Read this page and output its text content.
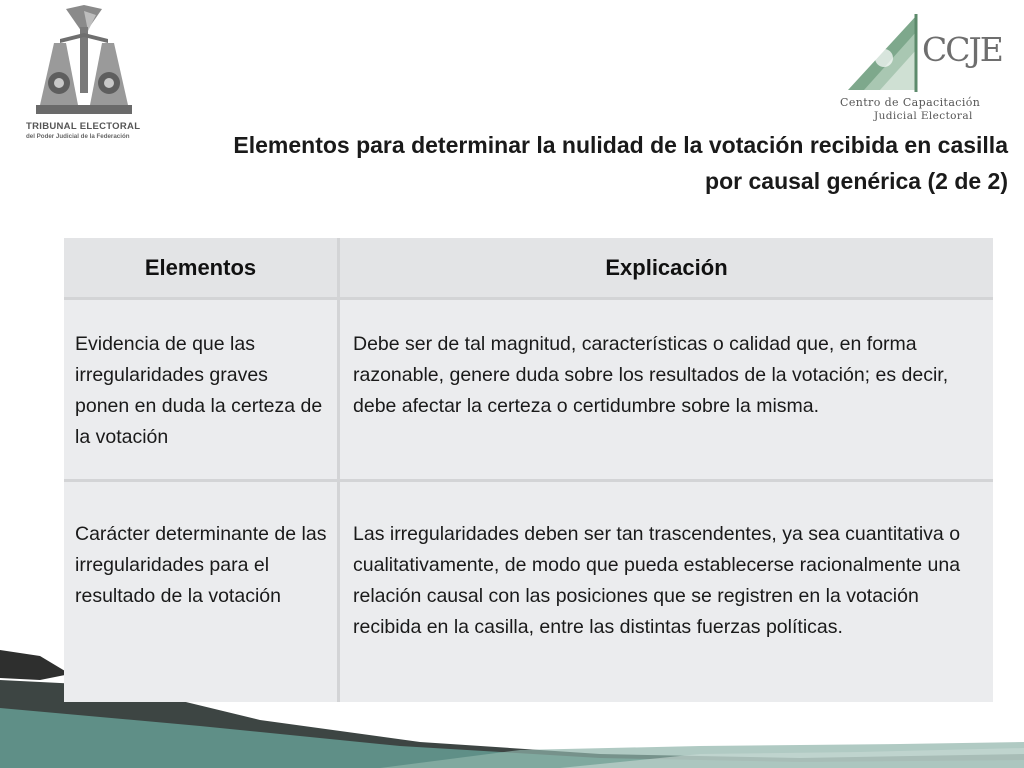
TRIBUNAL ELECTORAL
del Poder Judicial de la Federación
CCJE
Centro de Capacitación
Judicial Electoral
Elementos para determinar la nulidad de la votación recibida en casilla
por causal genérica (2 de 2)
Elementos	Explicación
Evidencia de que las irregularidades graves ponen en duda la certeza de la votación
Debe ser de tal magnitud, características o calidad que, en forma razonable, genere duda sobre los resultados de la votación; es decir, debe afectar la certeza o certidumbre sobre la misma.
Carácter determinante de las irregularidades para el resultado de la votación
Las irregularidades deben ser tan trascendentes, ya sea cuantitativa o cualitativamente, de modo que pueda establecerse racionalmente una relación causal con las posiciones que se registren en la votación recibida en la casilla, entre las distintas fuerzas políticas.
